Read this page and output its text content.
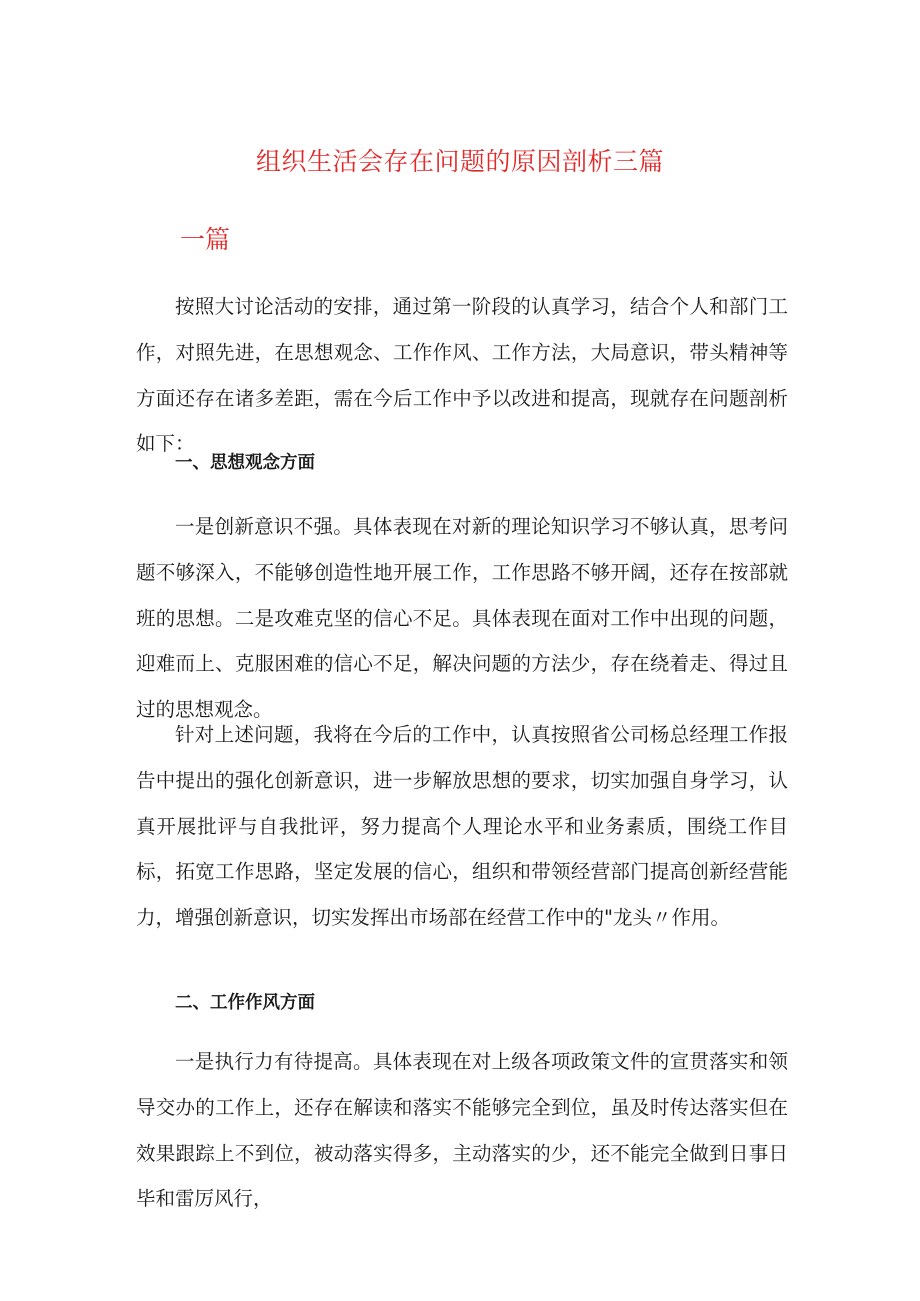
组织生活会存在问题的原因剖析三篇
一篇

按照大讨论活动的安排，通过第一阶段的认真学习，结合个人和部门工作，对照先进，在思想观念、工作作风、工作方法，大局意识，带头精神等方面还存在诸多差距，需在今后工作中予以改进和提高，现就存在问题剖析如下：

一、思想观念方面

一是创新意识不强。具体表现在对新的理论知识学习不够认真，思考问题不够深入，不能够创造性地开展工作，工作思路不够开阔，还存在按部就班的思想。二是攻难克坚的信心不足。具体表现在面对工作中出现的问题，迎难而上、克服困难的信心不足，解决问题的方法少，存在绕着走、得过且过的思想观念。

针对上述问题，我将在今后的工作中，认真按照省公司杨总经理工作报告中提出的强化创新意识，进一步解放思想的要求，切实加强自身学习，认真开展批评与自我批评，努力提高个人理论水平和业务素质，围绕工作目标，拓宽工作思路，坚定发展的信心，组织和带领经营部门提高创新经营能力，增强创新意识，切实发挥出市场部在经营工作中的"龙头〃作用。

二、工作作风方面

一是执行力有待提高。具体表现在对上级各项政策文件的宣贯落实和领导交办的工作上，还存在解读和落实不能够完全到位，虽及时传达落实但在效果跟踪上不到位，被动落实得多，主动落实的少，还不能完全做到日事日毕和雷厉风行，
